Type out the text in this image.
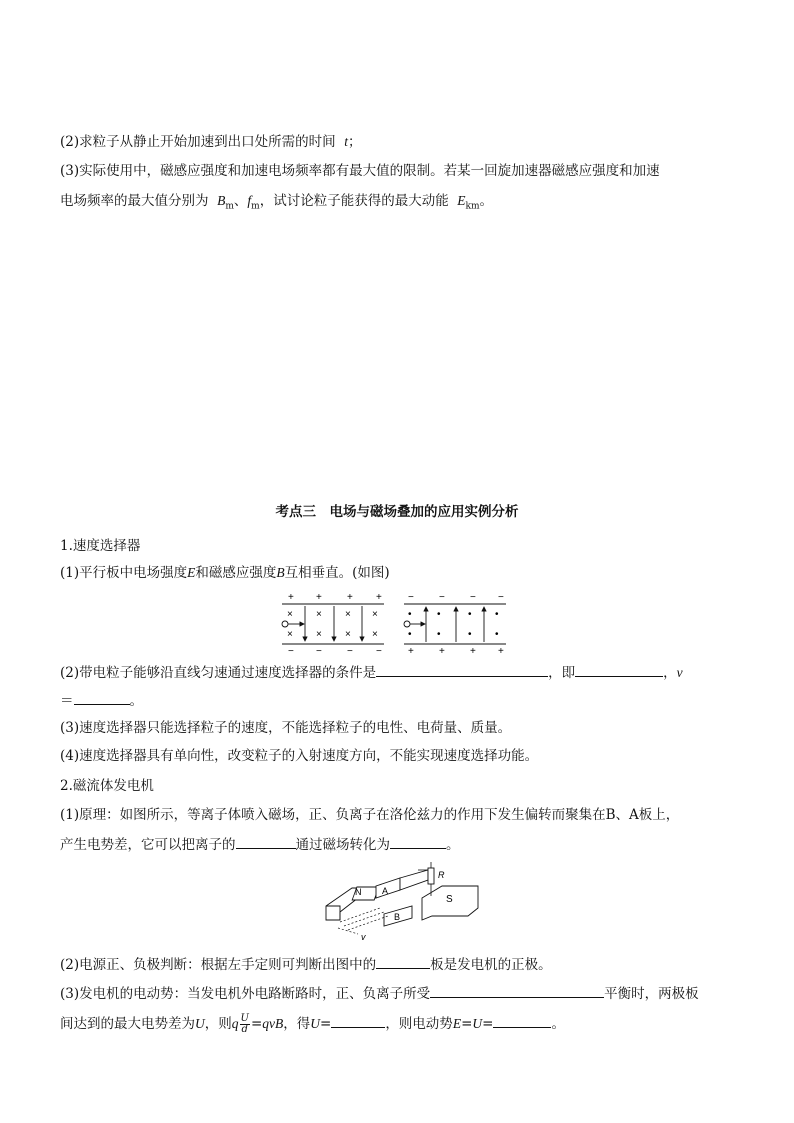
(2)求粒子从静止开始加速到出口处所需的时间 t；
(3)实际使用中，磁感应强度和加速电场频率都有最大值的限制。若某一回旋加速器磁感应强度和加速
电场频率的最大值分别为 $B_m$、$f_m$，试讨论粒子能获得的最大动能 $E_{km}$。
考点三　电场与磁场叠加的应用实例分析
1.速度选择器
(1)平行板中电场强度E和磁感应强度B互相垂直。(如图)
+ +	+ +
− −	− −
× × × ×
× × × ×
−	−	− −
+	+	+ +
•	•	• •
•	•	• •
(2)带电粒子能够沿直线匀速通过速度选择器的条件是	，即	，v
＝	。
(3)速度选择器只能选择粒子的速度，不能选择粒子的电性、电荷量、质量。
(4)速度选择器具有单向性，改变粒子的入射速度方向，不能实现速度选择功能。
2.磁流体发电机
(1)原理：如图所示，等离子体喷入磁场，正、负离子在洛伦兹力的作用下发生偏转而聚集在B、A板上，
产生电势差，它可以把离子的	通过磁场转化为	。
N A
S
B
R
v
(2)电源正、负极判断：根据左手定则可判断出图中的	板是发电机的正极。
(3)发电机的电动势：当发电机外电路断路时，正、负离子所受	平衡时，两极板
间达到的最大电势差为U，则q $\frac{U}{d} =qvB$，得U=	，则电动势E=U=	。
